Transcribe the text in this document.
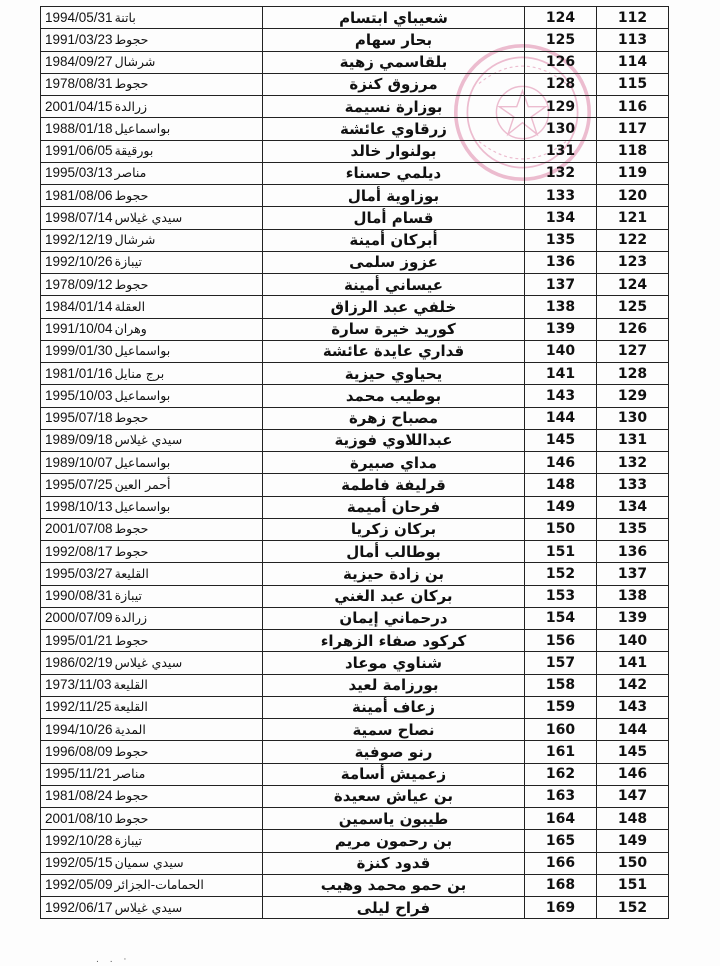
1994/05/31 باتنة	شعيباي ابتسام	124	112

1991/03/23 حجوط	بحار سهام	125	113

1984/09/27 شرشال	بلقاسمي زهية	126	114

1978/08/31 حجوط	مرزوق كنزة	128	115

2001/04/15 زرالدة	بوزارة نسيمة	129	116

1988/01/18 بواسماعيل	زرقاوي عائشة	130	117

1991/06/05 بورقيقة	بولنوار خالد	131	118

1995/03/13 مناصر	ديلمي حسناء	132	119

1981/08/06 حجوط	بوزاوية أمال	133	120

1998/07/14 سيدي غيلاس	قسام أمال	134	121

1992/12/19 شرشال	أبركان أمينة	135	122

1992/10/26 تيبازة	عزوز سلمى	136	123

1978/09/12 حجوط	عيساني أمينة	137	124

1984/01/14 العقلة	خلفي عبد الرزاق	138	125

1991/10/04 وهران	كوريد خيرة سارة	139	126

1999/01/30 بواسماعيل	قداري عايدة عائشة	140	127

1981/01/16 برج منايل	يحياوي حيزية	141	128

1995/10/03 بواسماعيل	بوطيب محمد	143	129

1995/07/18 حجوط	مصباح زهرة	144	130

1989/09/18 سيدي غيلاس	عبداللاوي فوزية	145	131

1989/10/07 بواسماعيل	مداي صبيرة	146	132

1995/07/25 أحمر العين	قرليفة فاطمة	148	133

1998/10/13 بواسماعيل	فرحان أميمة	149	134

2001/07/08 حجوط	بركان زكريا	150	135

1992/08/17 حجوط	بوطالب أمال	151	136

1995/03/27 القليعة	بن زادة حيزية	152	137

1990/08/31 تيبازة	بركان عبد الغني	153	138

2000/07/09 زرالدة	درحماني إيمان	154	139

1995/01/21 حجوط	كركود صفاء الزهراء	156	140

1986/02/19 سيدي غيلاس	شناوي موعاد	157	141

1973/11/03 القليعة	بورزامة لعيد	158	142

1992/11/25 القليعة	زعاف أمينة	159	143

1994/10/26 المدية	نصاح سمية	160	144

1996/08/09 حجوط	رنو صوفية	161	145

1995/11/21 مناصر	زعميش أسامة	162	146

1981/08/24 حجوط	بن عياش سعيدة	163	147

2001/08/10 حجوط	طيبون ياسمين	164	148

1992/10/28 تيبازة	بن رحمون مريم	165	149

1992/05/15 سيدي سميان	قدود كنزة	166	150

1992/05/09 الحمامات-الجزائر	بن حمو محمد وهيب	168	151

1992/06/17 سيدي غيلاس	فراح ليلى	169	152
. . ·
